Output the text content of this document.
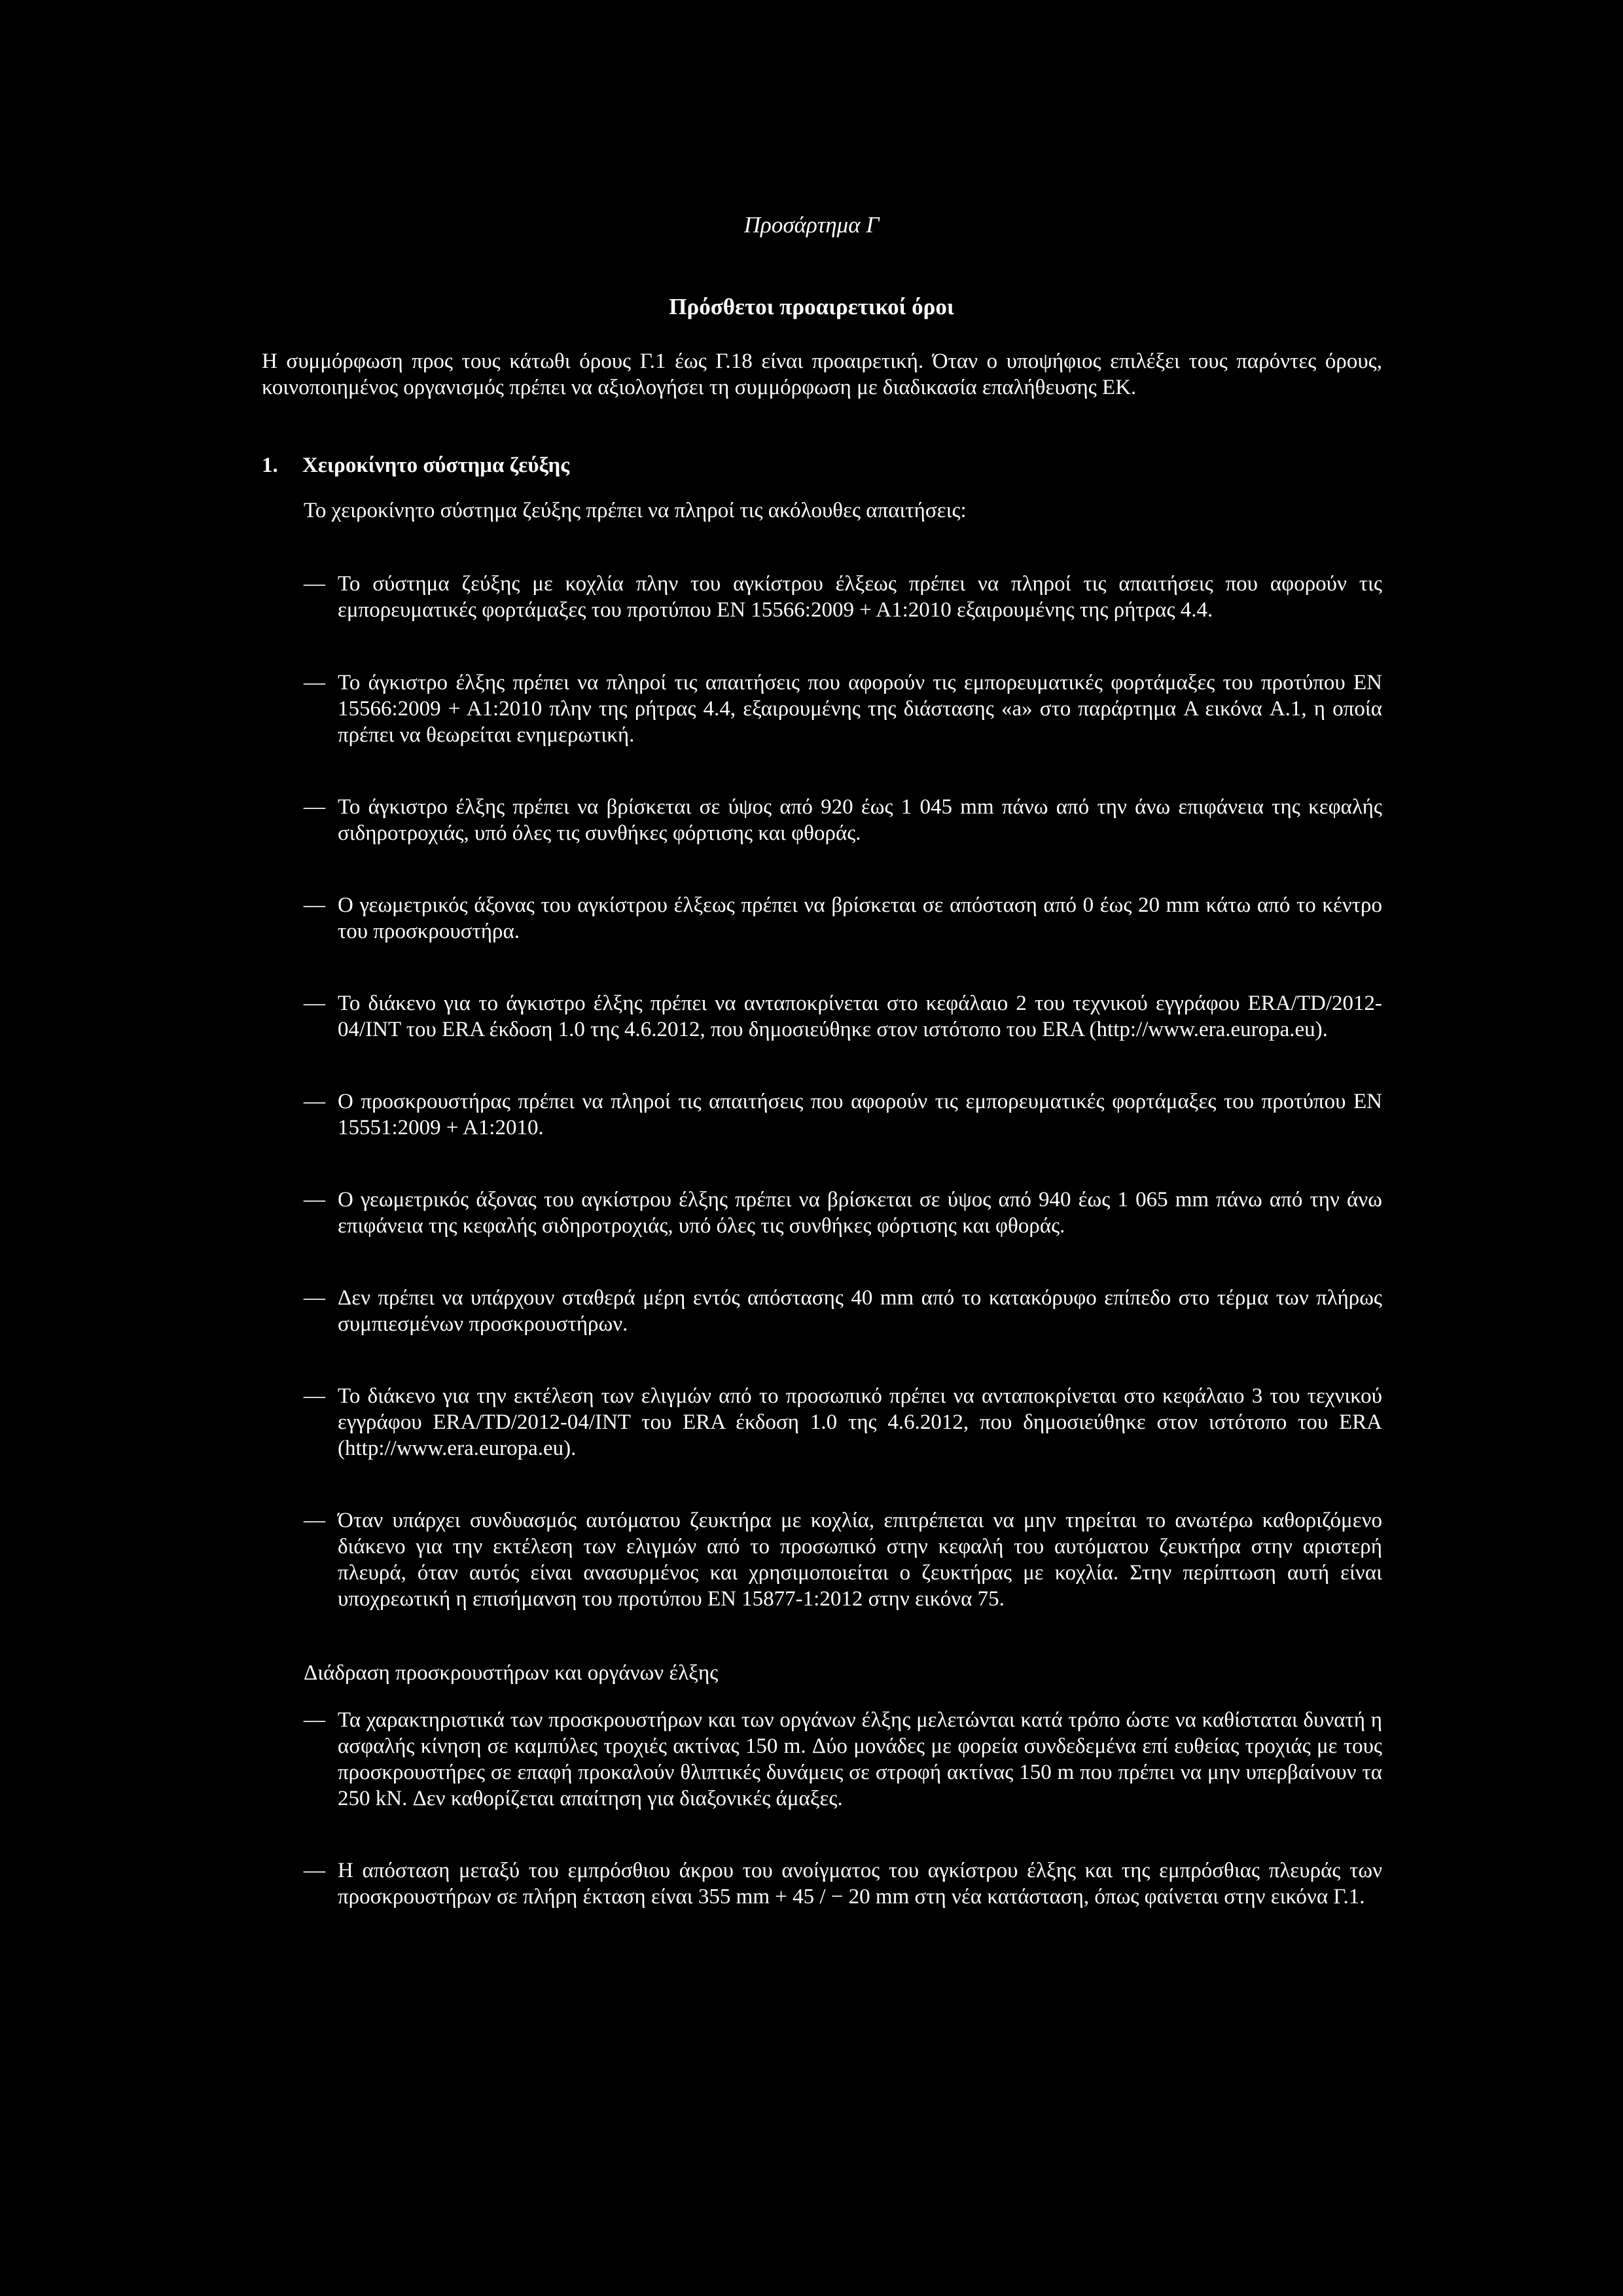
Προσάρτημα Γ
Πρόσθετοι προαιρετικοί όροι

Η συμμόρφωση προς τους κάτωθι όρους Γ.1 έως Γ.18 είναι προαιρετική. Όταν ο υποψήφιος επιλέξει τους παρόντες όρους, κοινοποιημένος οργανισμός πρέπει να αξιολογήσει τη συμμόρφωση με διαδικασία επαλήθευσης ΕΚ.

1.	Χειροκίνητο σύστημα ζεύξης

Το χειροκίνητο σύστημα ζεύξης πρέπει να πληροί τις ακόλουθες απαιτήσεις:

— Το σύστημα ζεύξης με κοχλία πλην του αγκίστρου έλξεως πρέπει να πληροί τις απαιτήσεις που αφορούν τις εμπορευματικές φορτάμαξες του προτύπου EN 15566:2009 + A1:2010 εξαιρουμένης της ρήτρας 4.4.

— Το άγκιστρο έλξης πρέπει να πληροί τις απαιτήσεις που αφορούν τις εμπορευματικές φορτάμαξες του προτύπου EN 15566:2009 + A1:2010 πλην της ρήτρας 4.4, εξαιρουμένης της διάστασης «a» στο παράρτημα A εικόνα A.1, η οποία πρέπει να θεωρείται ενημερωτική.

— Το άγκιστρο έλξης πρέπει να βρίσκεται σε ύψος από 920 έως 1 045 mm πάνω από την άνω επιφάνεια της κεφαλής σιδηροτροχιάς, υπό όλες τις συνθήκες φόρτισης και φθοράς.

— Ο γεωμετρικός άξονας του αγκίστρου έλξεως πρέπει να βρίσκεται σε απόσταση από 0 έως 20 mm κάτω από το κέντρο του προσκρουστήρα.

— Το διάκενο για το άγκιστρο έλξης πρέπει να ανταποκρίνεται στο κεφάλαιο 2 του τεχνικού εγγράφου ERA/TD/2012-04/INT του ERA έκδοση 1.0 της 4.6.2012, που δημοσιεύθηκε στον ιστότοπο του ERA (http://www.era.europa.eu).

— Ο προσκρουστήρας πρέπει να πληροί τις απαιτήσεις που αφορούν τις εμπορευματικές φορτάμαξες του προτύπου EN 15551:2009 + A1:2010.

— Ο γεωμετρικός άξονας του αγκίστρου έλξης πρέπει να βρίσκεται σε ύψος από 940 έως 1 065 mm πάνω από την άνω επιφάνεια της κεφαλής σιδηροτροχιάς, υπό όλες τις συνθήκες φόρτισης και φθοράς.

— Δεν πρέπει να υπάρχουν σταθερά μέρη εντός απόστασης 40 mm από το κατακόρυφο επίπεδο στο τέρμα των πλήρως συμπιεσμένων προσκρουστήρων.

— Το διάκενο για την εκτέλεση των ελιγμών από το προσωπικό πρέπει να ανταποκρίνεται στο κεφάλαιο 3 του τεχνικού εγγράφου ERA/TD/2012-04/INT του ERA έκδοση 1.0 της 4.6.2012, που δημοσιεύθηκε στον ιστότοπο του ERA (http://www.era.europa.eu).

— Όταν υπάρχει συνδυασμός αυτόματου ζευκτήρα με κοχλία, επιτρέπεται να μην τηρείται το ανωτέρω καθοριζόμενο διάκενο για την εκτέλεση των ελιγμών από το προσωπικό στην κεφαλή του αυτόματου ζευκτήρα στην αριστερή πλευρά, όταν αυτός είναι ανασυρμένος και χρησιμοποιείται ο ζευκτήρας με κοχλία. Στην περίπτωση αυτή είναι υποχρεωτική η επισήμανση του προτύπου EN 15877-1:2012 στην εικόνα 75.

Διάδραση προσκρουστήρων και οργάνων έλξης

— Τα χαρακτηριστικά των προσκρουστήρων και των οργάνων έλξης μελετώνται κατά τρόπο ώστε να καθίσταται δυνατή η ασφαλής κίνηση σε καμπύλες τροχιές ακτίνας 150 m. Δύο μονάδες με φορεία συνδεδεμένα επί ευθείας τροχιάς με τους προσκρουστήρες σε επαφή προκαλούν θλιπτικές δυνάμεις σε στροφή ακτίνας 150 m που πρέπει να μην υπερβαίνουν τα 250 kN. Δεν καθορίζεται απαίτηση για διαξονικές άμαξες.

— Η απόσταση μεταξύ του εμπρόσθιου άκρου του ανοίγματος του αγκίστρου έλξης και της εμπρόσθιας πλευράς των προσκρουστήρων σε πλήρη έκταση είναι 355 mm + 45 / − 20 mm στη νέα κατάσταση, όπως φαίνεται στην εικόνα Γ.1.
